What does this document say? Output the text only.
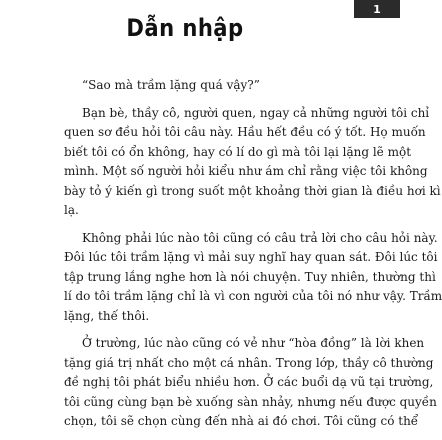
1
Dẫn nhập

“Sao mà trầm lặng quá vậy?”

Bạn bè, thầy cô, người quen, ngay cả những người tôi chỉ
quen sơ đều hỏi tôi câu này. Hầu hết đều có ý tốt. Họ muốn
biết tôi có ổn không, hay có lí do gì mà tôi lại lặng lẽ một
mình. Một số người hỏi kiểu như ám chỉ rằng việc tôi không
bày tỏ ý kiến gì trong suốt một khoảng thời gian là điều hơi kì
lạ.

Không phải lúc nào tôi cũng có câu trả lời cho câu hỏi này.
Đôi lúc tôi trầm lặng vì mải suy nghĩ hay quan sát. Đôi lúc tôi
tập trung lắng nghe hơn là nói chuyện. Tuy nhiên, thường thì
lí do tôi trầm lặng chỉ là vì con người của tôi nó như vậy. Trầm
lặng, thế thôi.

Ở trường, lúc nào cũng có vẻ như “hòa đồng” là lời khen
tặng giá trị nhất cho một cá nhân. Trong lớp, thầy cô thường
đề nghị tôi phát biểu nhiều hơn. Ở các buổi dạ vũ tại trường,
tôi cũng cùng bạn bè xuống sàn nhảy, nhưng nếu được quyền
chọn, tôi sẽ chọn cùng đến nhà ai đó chơi. Tôi cũng có thể
